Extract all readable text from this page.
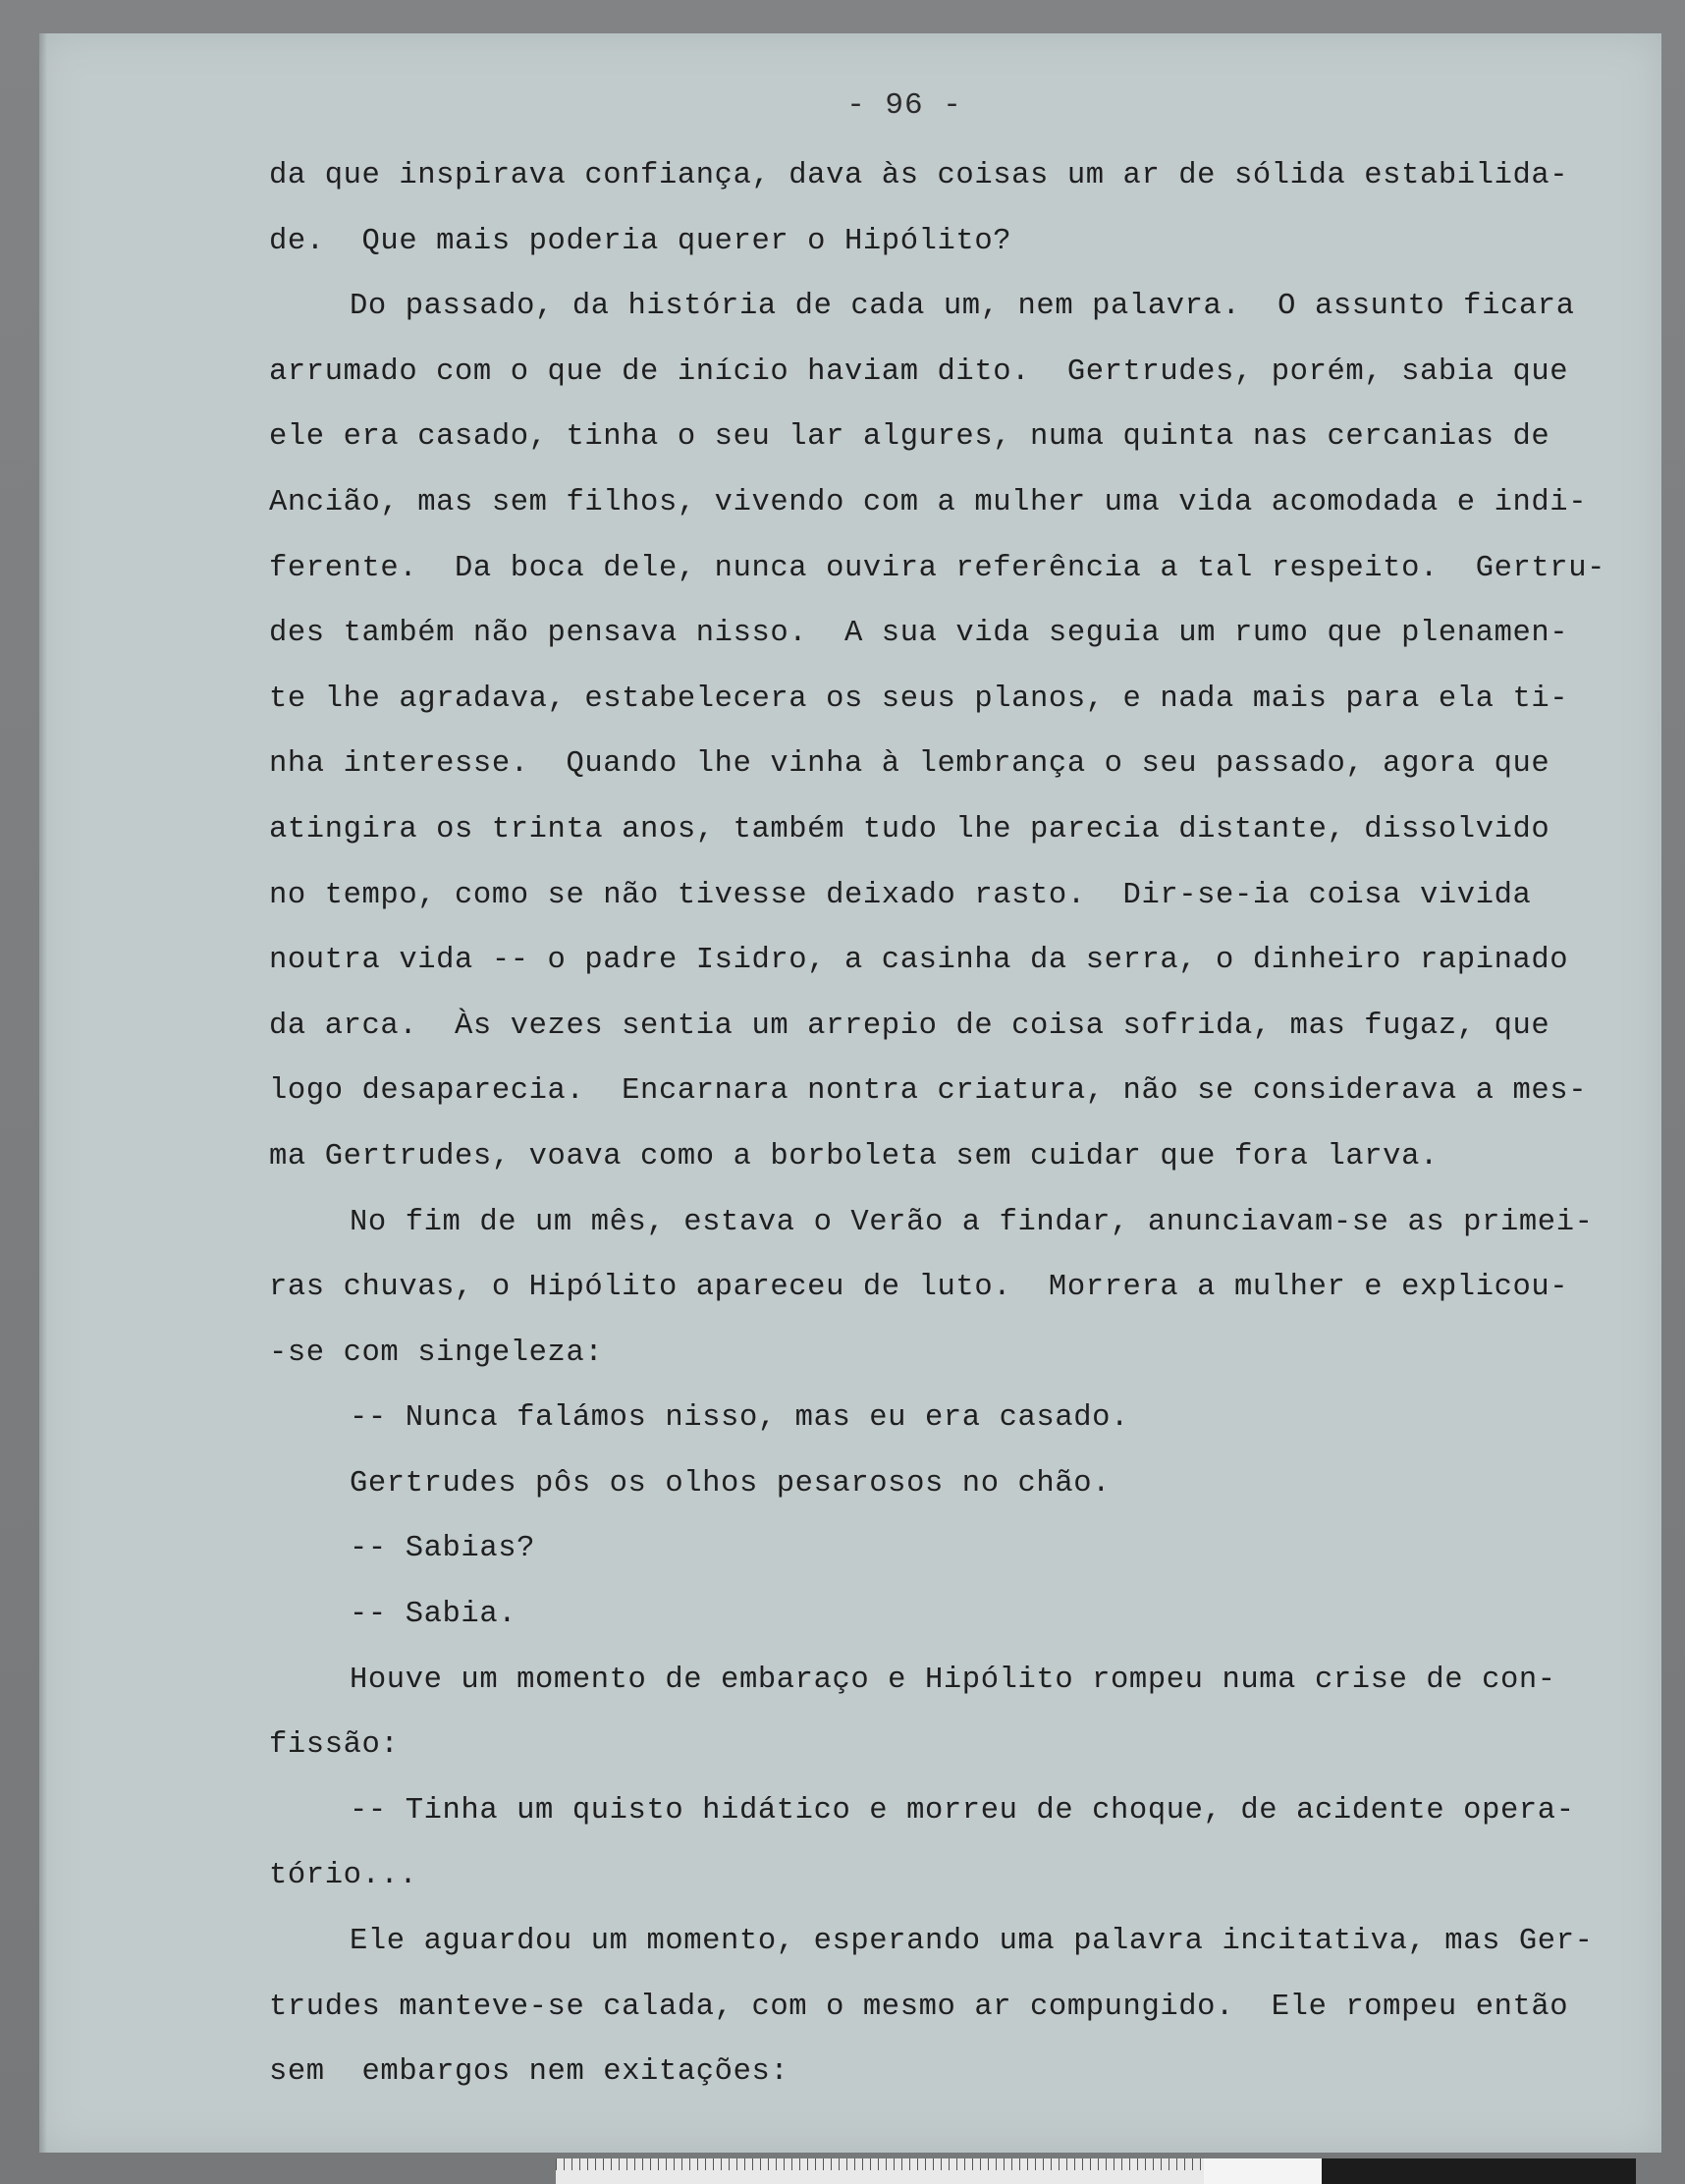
- 96 -
da que inspirava confiança, dava às coisas um ar de sólida estabilida-
de.  Que mais poderia querer o Hipólito?
Do passado, da história de cada um, nem palavra.  O assunto ficara
arrumado com o que de início haviam dito.  Gertrudes, porém, sabia que
ele era casado, tinha o seu lar algures, numa quinta nas cercanias de
Ancião, mas sem filhos, vivendo com a mulher uma vida acomodada e indi-
ferente.  Da boca dele, nunca ouvira referência a tal respeito.  Gertru-
des também não pensava nisso.  A sua vida seguia um rumo que plenamen-
te lhe agradava, estabelecera os seus planos, e nada mais para ela ti-
nha interesse.  Quando lhe vinha à lembrança o seu passado, agora que
atingira os trinta anos, também tudo lhe parecia distante, dissolvido
no tempo, como se não tivesse deixado rasto.  Dir-se-ia coisa vivida
noutra vida -- o padre Isidro, a casinha da serra, o dinheiro rapinado
da arca.  Às vezes sentia um arrepio de coisa sofrida, mas fugaz, que
logo desaparecia.  Encarnara nontra criatura, não se considerava a mes-
ma Gertrudes, voava como a borboleta sem cuidar que fora larva.
No fim de um mês, estava o Verão a findar, anunciavam-se as primei-
ras chuvas, o Hipólito apareceu de luto.  Morrera a mulher e explicou-
-se com singeleza:
-- Nunca falámos nisso, mas eu era casado.
Gertrudes pôs os olhos pesarosos no chão.
-- Sabias?
-- Sabia.
Houve um momento de embaraço e Hipólito rompeu numa crise de con-
fissão:
-- Tinha um quisto hidático e morreu de choque, de acidente opera-
tório...
Ele aguardou um momento, esperando uma palavra incitativa, mas Ger-
trudes manteve-se calada, com o mesmo ar compungido.  Ele rompeu então
sem  embargos nem exitações:
